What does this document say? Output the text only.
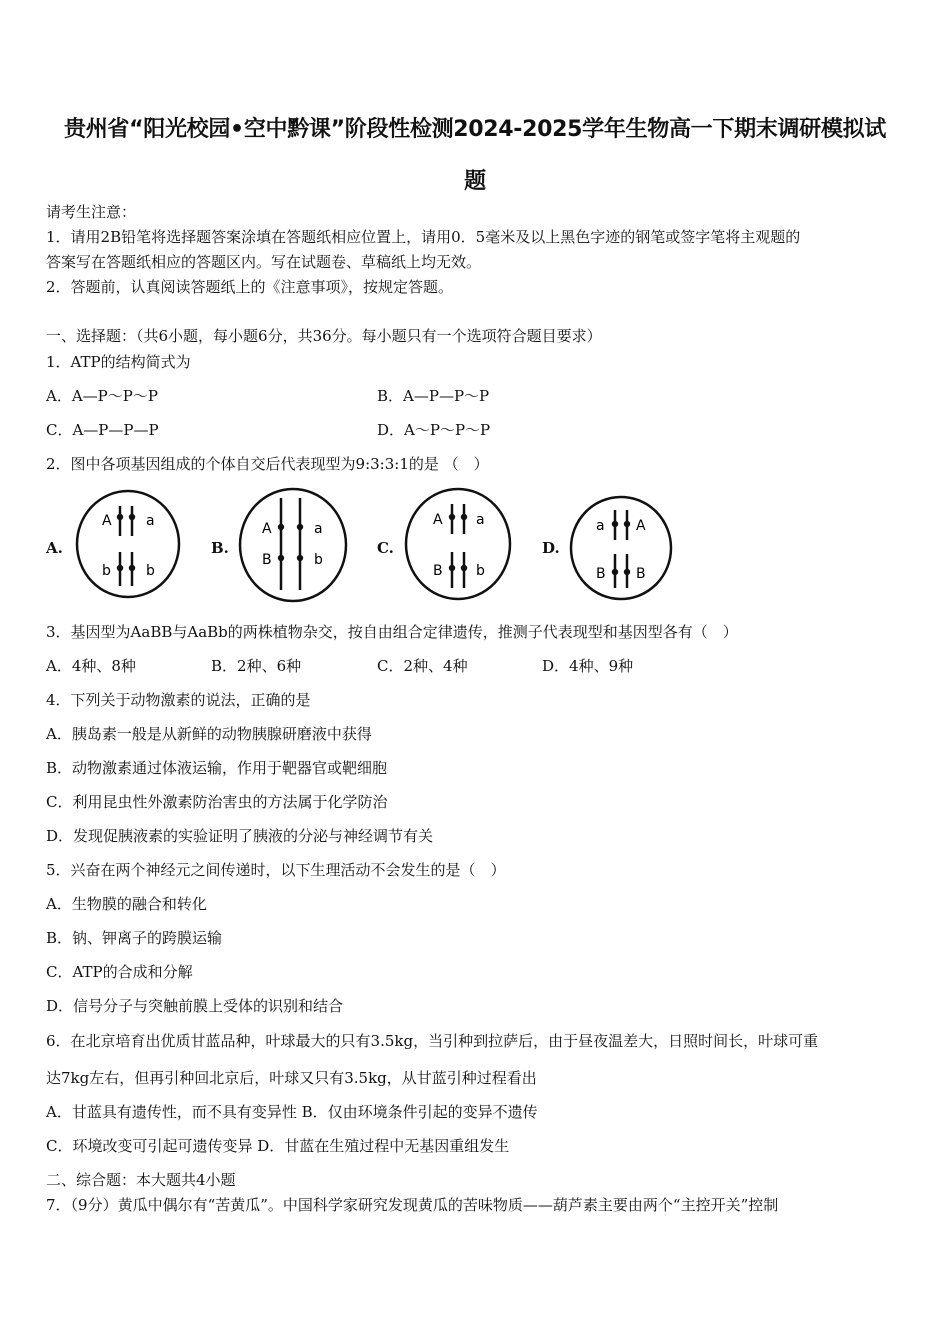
贵州省“阳光校园•空中黔课”阶段性检测2024-2025学年生物高一下期末调研模拟试
题
请考生注意：
1．请用2B铅笔将选择题答案涂填在答题纸相应位置上，请用0．5毫米及以上黑色字迹的钢笔或签字笔将主观题的
答案写在答题纸相应的答题区内。写在试题卷、草稿纸上均无效。
2．答题前，认真阅读答题纸上的《注意事项》，按规定答题。
一、选择题：（共6小题，每小题6分，共36分。每小题只有一个选项符合题目要求）
1．ATP的结构简式为
A．A—P～P～P	B．A—P—P～P
C．A—P—P—P	D．A～P～P～P
2．图中各项基因组成的个体自交后代表现型为9:3:3:1的是 （　）
A.	B.	C.	D.
A a
b	b
A	a
B	b
A a
B b
a A
B B
3．基因型为AaBB与AaBb的两株植物杂交，按自由组合定律遗传，推测子代表现型和基因型各有（　）
A．4种、8种	B．2种、6种	C．2种、4种	D．4种、9种
4．下列关于动物激素的说法，正确的是
A．胰岛素一般是从新鲜的动物胰腺研磨液中获得
B．动物激素通过体液运输，作用于靶器官或靶细胞
C．利用昆虫性外激素防治害虫的方法属于化学防治
D．发现促胰液素的实验证明了胰液的分泌与神经调节有关
5．兴奋在两个神经元之间传递时，以下生理活动不会发生的是（　）
A．生物膜的融合和转化
B．钠、钾离子的跨膜运输
C．ATP的合成和分解
D．信号分子与突触前膜上受体的识别和结合
6．在北京培育出优质甘蓝品种，叶球最大的只有3.5kg，当引种到拉萨后，由于昼夜温差大，日照时间长，叶球可重
达7kg左右，但再引种回北京后，叶球又只有3.5kg，从甘蓝引种过程看出
A．甘蓝具有遗传性，而不具有变异性 B．仅由环境条件引起的变异不遗传
C．环境改变可引起可遗传变异 D．甘蓝在生殖过程中无基因重组发生
二、综合题：本大题共4小题
7．（9分）黄瓜中偶尔有“苦黄瓜”。中国科学家研究发现黄瓜的苦味物质——葫芦素主要由两个“主控开关”控制
